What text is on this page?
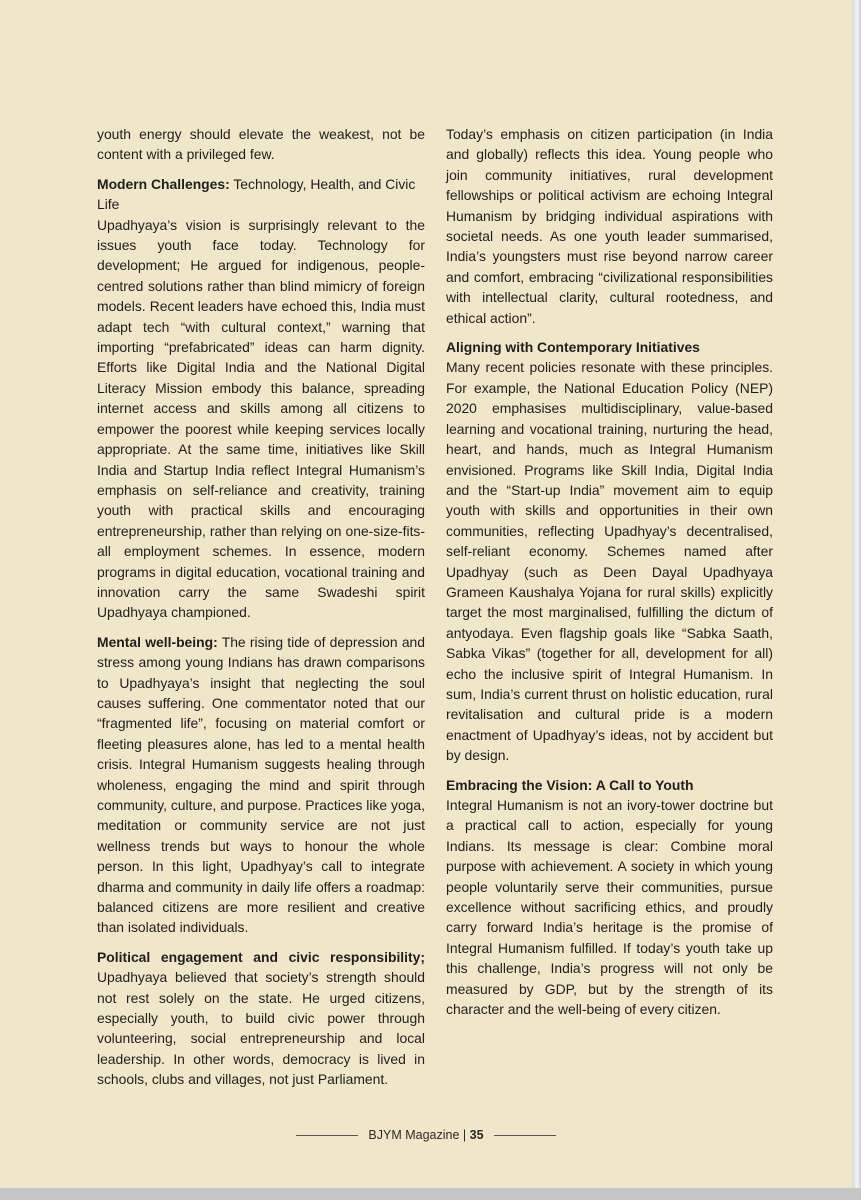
youth energy should elevate the weakest, not be content with a privileged few.

Modern Challenges: Technology, Health, and Civic Life

Upadhyaya’s vision is surprisingly relevant to the issues youth face today. Technology for development; He argued for indigenous, people-centred solutions rather than blind mimicry of foreign models. Recent leaders have echoed this, India must adapt tech “with cultural context,” warning that importing “prefabricated” ideas can harm dignity. Efforts like Digital India and the National Digital Literacy Mission embody this balance, spreading internet access and skills among all citizens to empower the poorest while keeping services locally appropriate. At the same time, initiatives like Skill India and Startup India reflect Integral Humanism’s emphasis on self-reliance and creativity, training youth with practical skills and encouraging entrepreneurship, rather than relying on one-size-fits-all employment schemes. In essence, modern programs in digital education, vocational training and innovation carry the same Swadeshi spirit Upadhyaya championed.

Mental well-being: The rising tide of depression and stress among young Indians has drawn comparisons to Upadhyaya’s insight that neglecting the soul causes suffering. One commentator noted that our “fragmented life”, focusing on material comfort or fleeting pleasures alone, has led to a mental health crisis. Integral Humanism suggests healing through wholeness, engaging the mind and spirit through community, culture, and purpose. Practices like yoga, meditation or community service are not just wellness trends but ways to honour the whole person. In this light, Upadhyay’s call to integrate dharma and community in daily life offers a roadmap: balanced citizens are more resilient and creative than isolated individuals.

Political engagement and civic responsibility; Upadhyaya believed that society’s strength should not rest solely on the state. He urged citizens, especially youth, to build civic power through volunteering, social entrepreneurship and local leadership. In other words, democracy is lived in schools, clubs and villages, not just Parliament.

Today’s emphasis on citizen participation (in India and globally) reflects this idea. Young people who join community initiatives, rural development fellowships or political activism are echoing Integral Humanism by bridging individual aspirations with societal needs. As one youth leader summarised, India’s youngsters must rise beyond narrow career and comfort, embracing “civilizational responsibilities with intellectual clarity, cultural rootedness, and ethical action”.

Aligning with Contemporary Initiatives

Many recent policies resonate with these principles. For example, the National Education Policy (NEP) 2020 emphasises multidisciplinary, value-based learning and vocational training, nurturing the head, heart, and hands, much as Integral Humanism envisioned. Programs like Skill India, Digital India and the “Start-up India” movement aim to equip youth with skills and opportunities in their own communities, reflecting Upadhyay’s decentralised, self-reliant economy. Schemes named after Upadhyay (such as Deen Dayal Upadhyaya Grameen Kaushalya Yojana for rural skills) explicitly target the most marginalised, fulfilling the dictum of antyodaya. Even flagship goals like “Sabka Saath, Sabka Vikas” (together for all, development for all) echo the inclusive spirit of Integral Humanism. In sum, India’s current thrust on holistic education, rural revitalisation and cultural pride is a modern enactment of Upadhyay’s ideas, not by accident but by design.

Embracing the Vision: A Call to Youth

Integral Humanism is not an ivory-tower doctrine but a practical call to action, especially for young Indians. Its message is clear: Combine moral purpose with achievement. A society in which young people voluntarily serve their communities, pursue excellence without sacrificing ethics, and proudly carry forward India’s heritage is the promise of Integral Humanism fulfilled. If today’s youth take up this challenge, India’s progress will not only be measured by GDP, but by the strength of its character and the well-being of every citizen.

BJYM Magazine | 35
